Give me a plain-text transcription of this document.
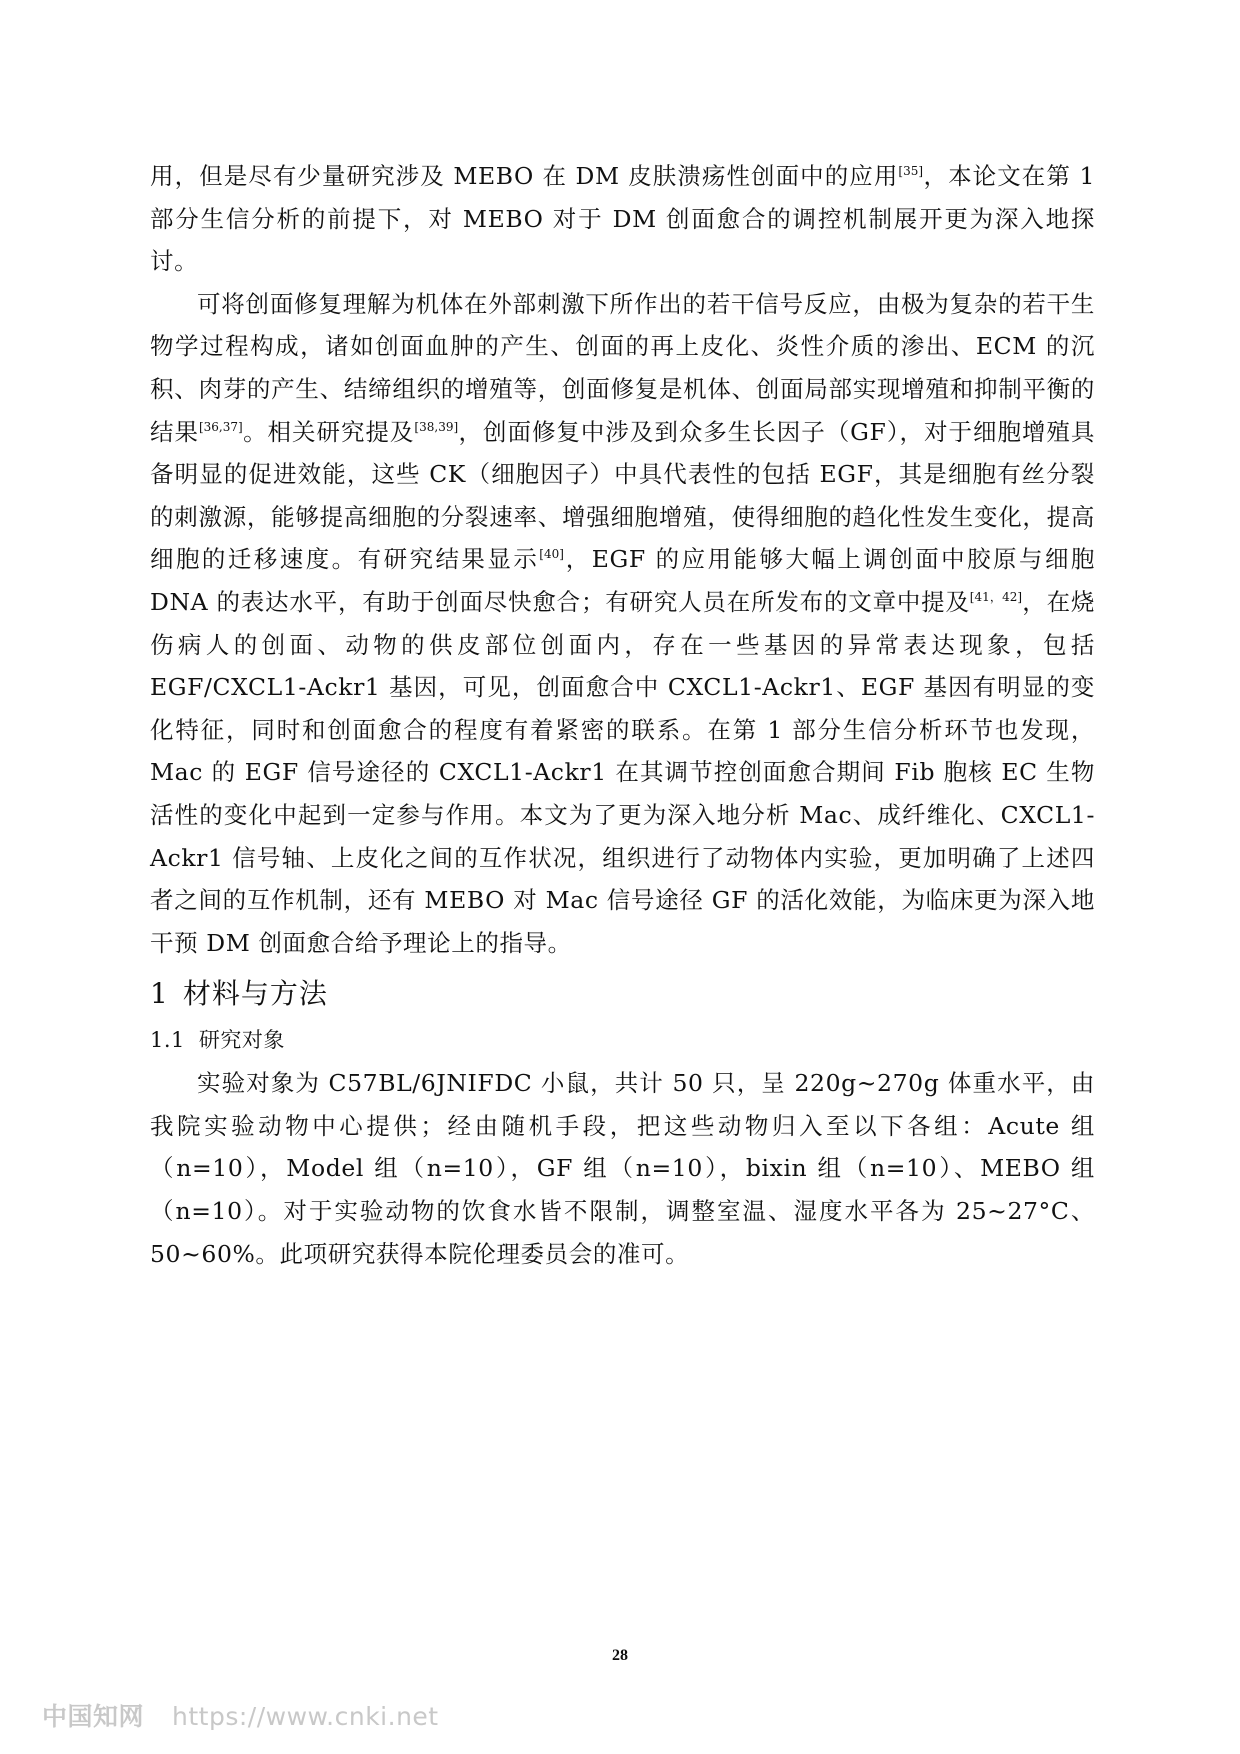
用，但是尽有少量研究涉及 MEBO 在 DM 皮肤溃疡性创面中的应用[35]，本论文在第 1 部分生信分析的前提下，对 MEBO 对于 DM 创面愈合的调控机制展开更为深入地探讨。

可将创面修复理解为机体在外部刺激下所作出的若干信号反应，由极为复杂的若干生物学过程构成，诸如创面血肿的产生、创面的再上皮化、炎性介质的渗出、ECM 的沉积、肉芽的产生、结缔组织的增殖等，创面修复是机体、创面局部实现增殖和抑制平衡的结果[36,37]。相关研究提及[38,39]，创面修复中涉及到众多生长因子（GF），对于细胞增殖具备明显的促进效能，这些 CK（细胞因子）中具代表性的包括 EGF，其是细胞有丝分裂的刺激源，能够提高细胞的分裂速率、增强细胞增殖，使得细胞的趋化性发生变化，提高细胞的迁移速度。有研究结果显示[40]，EGF 的应用能够大幅上调创面中胶原与细胞 DNA 的表达水平，有助于创面尽快愈合；有研究人员在所发布的文章中提及[41，42]，在烧伤病人的创面、动物的供皮部位创面内，存在一些基因的异常表达现象，包括 EGF/CXCL1-Ackr1 基因，可见，创面愈合中 CXCL1-Ackr1、EGF 基因有明显的变化特征，同时和创面愈合的程度有着紧密的联系。在第 1 部分生信分析环节也发现，Mac 的 EGF 信号途径的 CXCL1-Ackr1 在其调节控创面愈合期间 Fib 胞核 EC 生物活性的变化中起到一定参与作用。本文为了更为深入地分析 Mac、成纤维化、CXCL1-Ackr1 信号轴、上皮化之间的互作状况，组织进行了动物体内实验，更加明确了上述四者之间的互作机制，还有 MEBO 对 Mac 信号途径 GF 的活化效能，为临床更为深入地干预 DM 创面愈合给予理论上的指导。

1 材料与方法
1.1 研究对象

实验对象为 C57BL/6JNIFDC 小鼠，共计 50 只，呈 220g~270g 体重水平，由我院实验动物中心提供；经由随机手段，把这些动物归入至以下各组：Acute 组（n=10），Model 组（n=10），GF 组（n=10），bixin 组（n=10）、MEBO 组（n=10）。对于实验动物的饮食水皆不限制，调整室温、湿度水平各为 25~27°C、50~60%。此项研究获得本院伦理委员会的准可。

28
中国知网 https://www.cnki.net
